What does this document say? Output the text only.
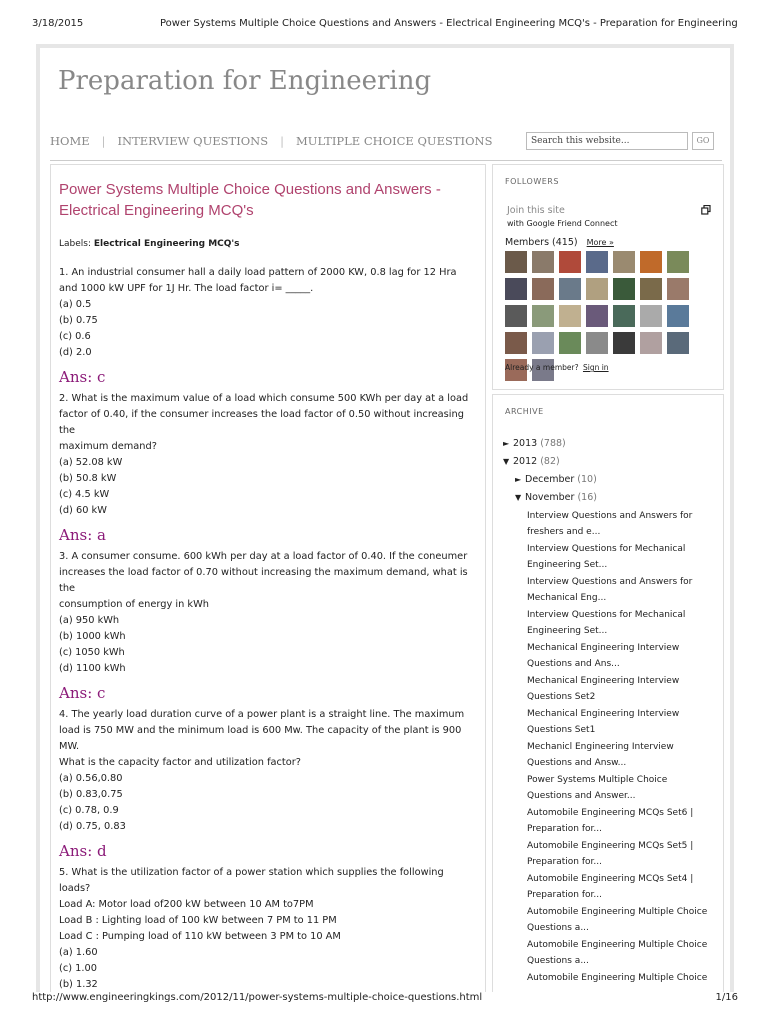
3/18/2015	Power Systems Multiple Choice Questions and Answers - Electrical Engineering MCQ's - Preparation for Engineering
Preparation for Engineering
HOME | INTERVIEW QUESTIONS | MULTIPLE CHOICE QUESTIONS	Search this website...	GO
Power Systems Multiple Choice Questions and Answers - Electrical Engineering MCQ's
Labels: Electrical Engineering MCQ's
1. An industrial consumer hall a daily load pattern of 2000 KW, 0.8 lag for 12 Hra
and 1000 kW UPF for 1J Hr. The load factor i= _____.
(a) 0.5
(b) 0.75
(c) 0.6
(d) 2.0
Ans: c
2. What is the maximum value of a load which consume 500 KWh per day at a load
factor of 0.40, if the consumer increases the load factor of 0.50 without increasing the
maximum demand?
(a) 52.08 kW
(b) 50.8 kW
(c) 4.5 kW
(d) 60 kW
Ans: a
3. A consumer consume. 600 kWh per day at a load factor of 0.40. If the coneumer
increases the load factor of 0.70 without increasing the maximum demand, what is the
consumption of energy in kWh
(a) 950 kWh
(b) 1000 kWh
(c) 1050 kWh
(d) 1100 kWh
Ans: c
4. The yearly load duration curve of a power plant is a straight line. The maximum
load is 750 MW and the minimum load is 600 Mw. The capacity of the plant is 900 MW.
What is the capacity factor and utilization factor?
(a) 0.56,0.80
(b) 0.83,0.75
(c) 0.78, 0.9
(d) 0.75, 0.83
Ans: d
5. What is the utilization factor of a power station which supplies the following loads?
Load A: Motor load of200 kW between 10 AM to7PM
Load B : Lighting load of 100 kW between 7 PM to 11 PM
Load C : Pumping load of 110 kW between 3 PM to 10 AM
(a) 1.60
(c) 1.00
(b) 1.32
FOLLOWERS
Join this site
with Google Friend Connect
Members (415) More »
Already a member? Sign in
ARCHIVE
► 2013 (788)
▼ 2012 (82)
► December (10)
▼ November (16)
Interview Questions and Answers for
freshers and e...
Interview Questions for Mechanical
Engineering Set...
Interview Questions and Answers for
Mechanical Eng...
Interview Questions for Mechanical
Engineering Set...
Mechanical Engineering Interview
Questions and Ans...
Mechanical Engineering Interview
Questions Set2
Mechanical Engineering Interview
Questions Set1
Mechanicl Engineering Interview
Questions and Answ...
Power Systems Multiple Choice
Questions and Answer...
Automobile Engineering MCQs Set6 |
Preparation for...
Automobile Engineering MCQs Set5 |
Preparation for...
Automobile Engineering MCQs Set4 |
Preparation for...
Automobile Engineering Multiple Choice
Questions a...
Automobile Engineering Multiple Choice
Questions a...
Automobile Engineering Multiple Choice
http://www.engineeringkings.com/2012/11/power-systems-multiple-choice-questions.html	1/16
